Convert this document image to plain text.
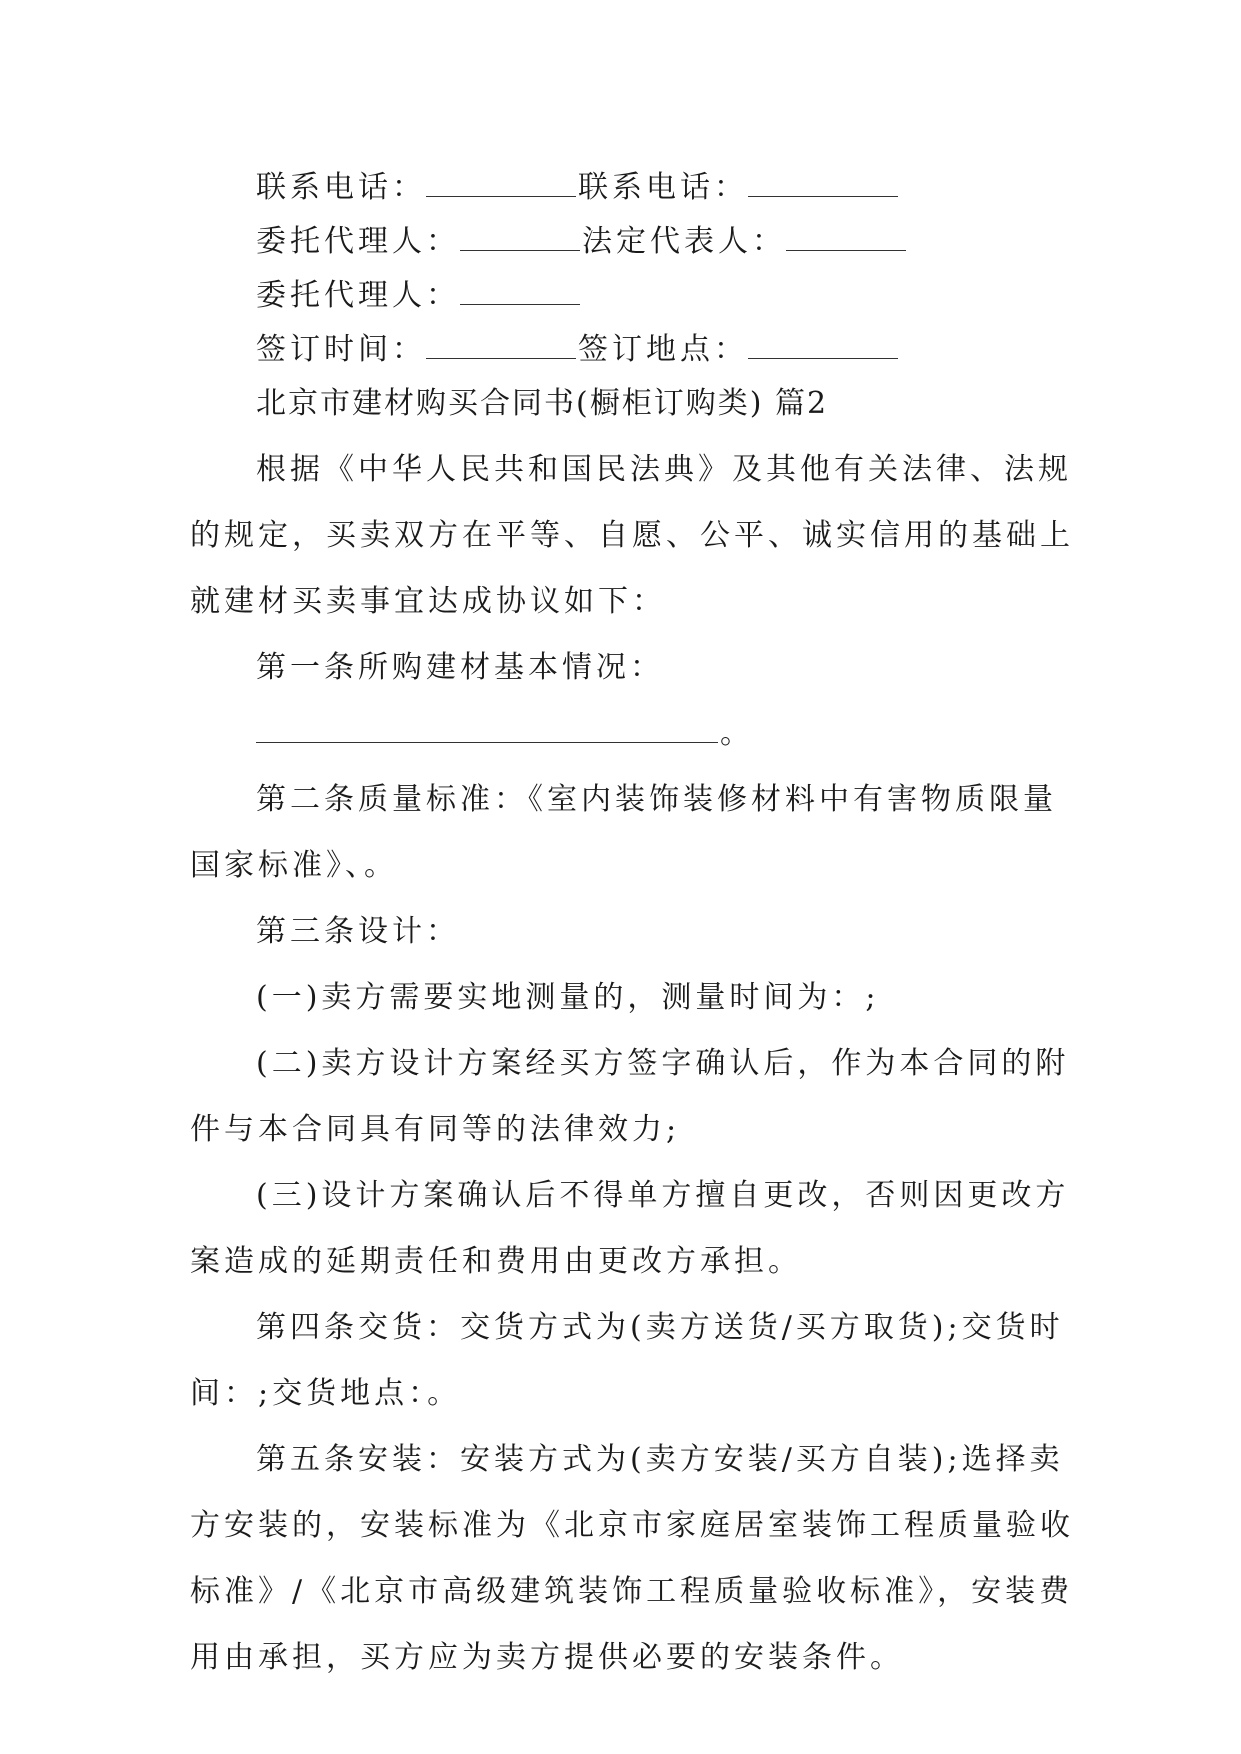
联系电话：	联系电话：
委托代理人：	法定代表人：
委托代理人：
签订时间：	签订地点：
北京市建材购买合同书(橱柜订购类) 篇2
根据《中华人民共和国民法典》及其他有关法律、法规
的规定，买卖双方在平等、自愿、公平、诚实信用的基础上
就建材买卖事宜达成协议如下：
第一条所购建材基本情况：
。
第二条质量标准：《室内装饰装修材料中有害物质限量
国家标准》、。
第三条设计：
(一)卖方需要实地测量的，测量时间为：;
(二)卖方设计方案经买方签字确认后，作为本合同的附
件与本合同具有同等的法律效力;
(三)设计方案确认后不得单方擅自更改，否则因更改方
案造成的延期责任和费用由更改方承担。
第四条交货：交货方式为(卖方送货/买方取货);交货时
间：;交货地点：。
第五条安装：安装方式为(卖方安装/买方自装);选择卖
方安装的，安装标准为《北京市家庭居室装饰工程质量验收
标准》/《北京市高级建筑装饰工程质量验收标准》，安装费
用由承担，买方应为卖方提供必要的安装条件。
